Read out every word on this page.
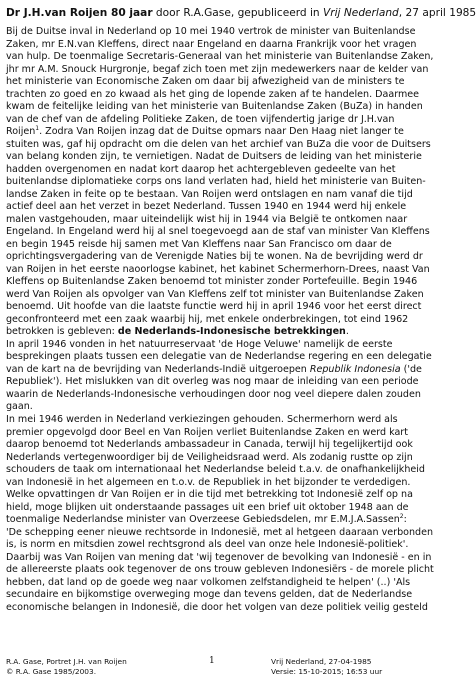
Dr J.H.van Roijen 80 jaar door R.A.Gase, gepubliceerd in Vrij Nederland, 27 april 1985
Bij de Duitse inval in Nederland op 10 mei 1940 vertrok de minister van Buitenlandse
Zaken, mr E.N.van Kleffens, direct naar Engeland en daarna Frankrijk voor het vragen
van hulp. De toenmalige Secretaris-Generaal van het ministerie van Buitenlandse Zaken,
jhr mr A.M. Snouck Hurgronje, begaf zich toen met zijn medewerkers naar de kelder van
het ministerie van Economische Zaken om daar bij afwezigheid van de ministers te
trachten zo goed en zo kwaad als het ging de lopende zaken af te handelen. Daarmee
kwam de feitelijke leiding van het ministerie van Buitenlandse Zaken (BuZa) in handen
van de chef van de afdeling Politieke Zaken, de toen vijfendertig jarige dr J.H.van
Roijen$^1$. Zodra Van Roijen inzag dat de Duitse opmars naar Den Haag niet langer te
stuiten was, gaf hij opdracht om die delen van het archief van BuZa die voor de Duitsers
van belang konden zijn, te vernietigen. Nadat de Duitsers de leiding van het ministerie
hadden overgenomen en nadat kort daarop het achtergebleven gedeelte van het
buitenlandse diplomatieke corps ons land verlaten had, hield het ministerie van Buiten-
landse Zaken in feite op te bestaan. Van Roijen werd ontslagen en nam vanaf die tijd
actief deel aan het verzet in bezet Nederland. Tussen 1940 en 1944 werd hij enkele
malen vastgehouden, maar uiteindelijk wist hij in 1944 via België te ontkomen naar
Engeland. In Engeland werd hij al snel toegevoegd aan de staf van minister Van Kleffens
en begin 1945 reisde hij samen met Van Kleffens naar San Francisco om daar de
oprichtingsvergadering van de Verenigde Naties bij te wonen. Na de bevrijding werd dr
van Roijen in het eerste naoorlogse kabinet, het kabinet Schermerhorn-Drees, naast Van
Kleffens op Buitenlandse Zaken benoemd tot minister zonder Portefeuille. Begin 1946
werd Van Roijen als opvolger van Van Kleffens zelf tot minister van Buitenlandse Zaken
benoemd. Uit hoofde van die laatste functie werd hij in april 1946 voor het eerst direct
geconfronteerd met een zaak waarbij hij, met enkele onderbrekingen, tot eind 1962
betrokken is gebleven: de Nederlands-Indonesische betrekkingen.
In april 1946 vonden in het natuurreservaat 'de Hoge Veluwe' namelijk de eerste
besprekingen plaats tussen een delegatie van de Nederlandse regering en een delegatie
van de kart na de bevrijding van Nederlands-Indië uitgeroepen Republik Indonesia ('de
Republiek'). Het mislukken van dit overleg was nog maar de inleiding van een periode
waarin de Nederlands-Indonesische verhoudingen door nog veel diepere dalen zouden
gaan.
In mei 1946 werden in Nederland verkiezingen gehouden. Schermerhorn werd als
premier opgevolgd door Beel en Van Roijen verliet Buitenlandse Zaken en werd kart
daarop benoemd tot Nederlands ambassadeur in Canada, terwijl hij tegelijkertijd ook
Nederlands vertegenwoordiger bij de Veiligheidsraad werd. Als zodanig rustte op zijn
schouders de taak om internationaal het Nederlandse beleid t.a.v. de onafhankelijkheid
van Indonesië in het algemeen en t.o.v. de Republiek in het bijzonder te verdedigen.
Welke opvattingen dr Van Roijen er in die tijd met betrekking tot Indonesië zelf op na
hield, moge blijken uit onderstaande passages uit een brief uit oktober 1948 aan de
toenmalige Nederlandse minister van Overzeese Gebiedsdelen, mr E.M.J.A.Sassen$^2$:
'De schepping eener nieuwe rechtsorde in Indonesië, met al hetgeen daaraan verbonden
is, is norm en mitsdien zowel rechtsgrond als deel van onze hele Indonesië-politiek'.
Daarbij was Van Roijen van mening dat 'wij tegenover de bevolking van Indonesië - en in
de allereerste plaats ook tegenover de ons trouw gebleven Indonesiërs - de morele plicht
hebben, dat land op de goede weg naar volkomen zelfstandigheid te helpen' (..) 'Als
secundaire en bijkomstige overweging moge dan tevens gelden, dat de Nederlandse
economische belangen in Indonesië, die door het volgen van deze politiek veilig gesteld
R.A. Gase, Portret J.H. van Roijen
© R.A. Gase 1985/2003.
1	Vrij Nederland, 27-04-1985
Versie: 15-10-2015; 16:53 uur
